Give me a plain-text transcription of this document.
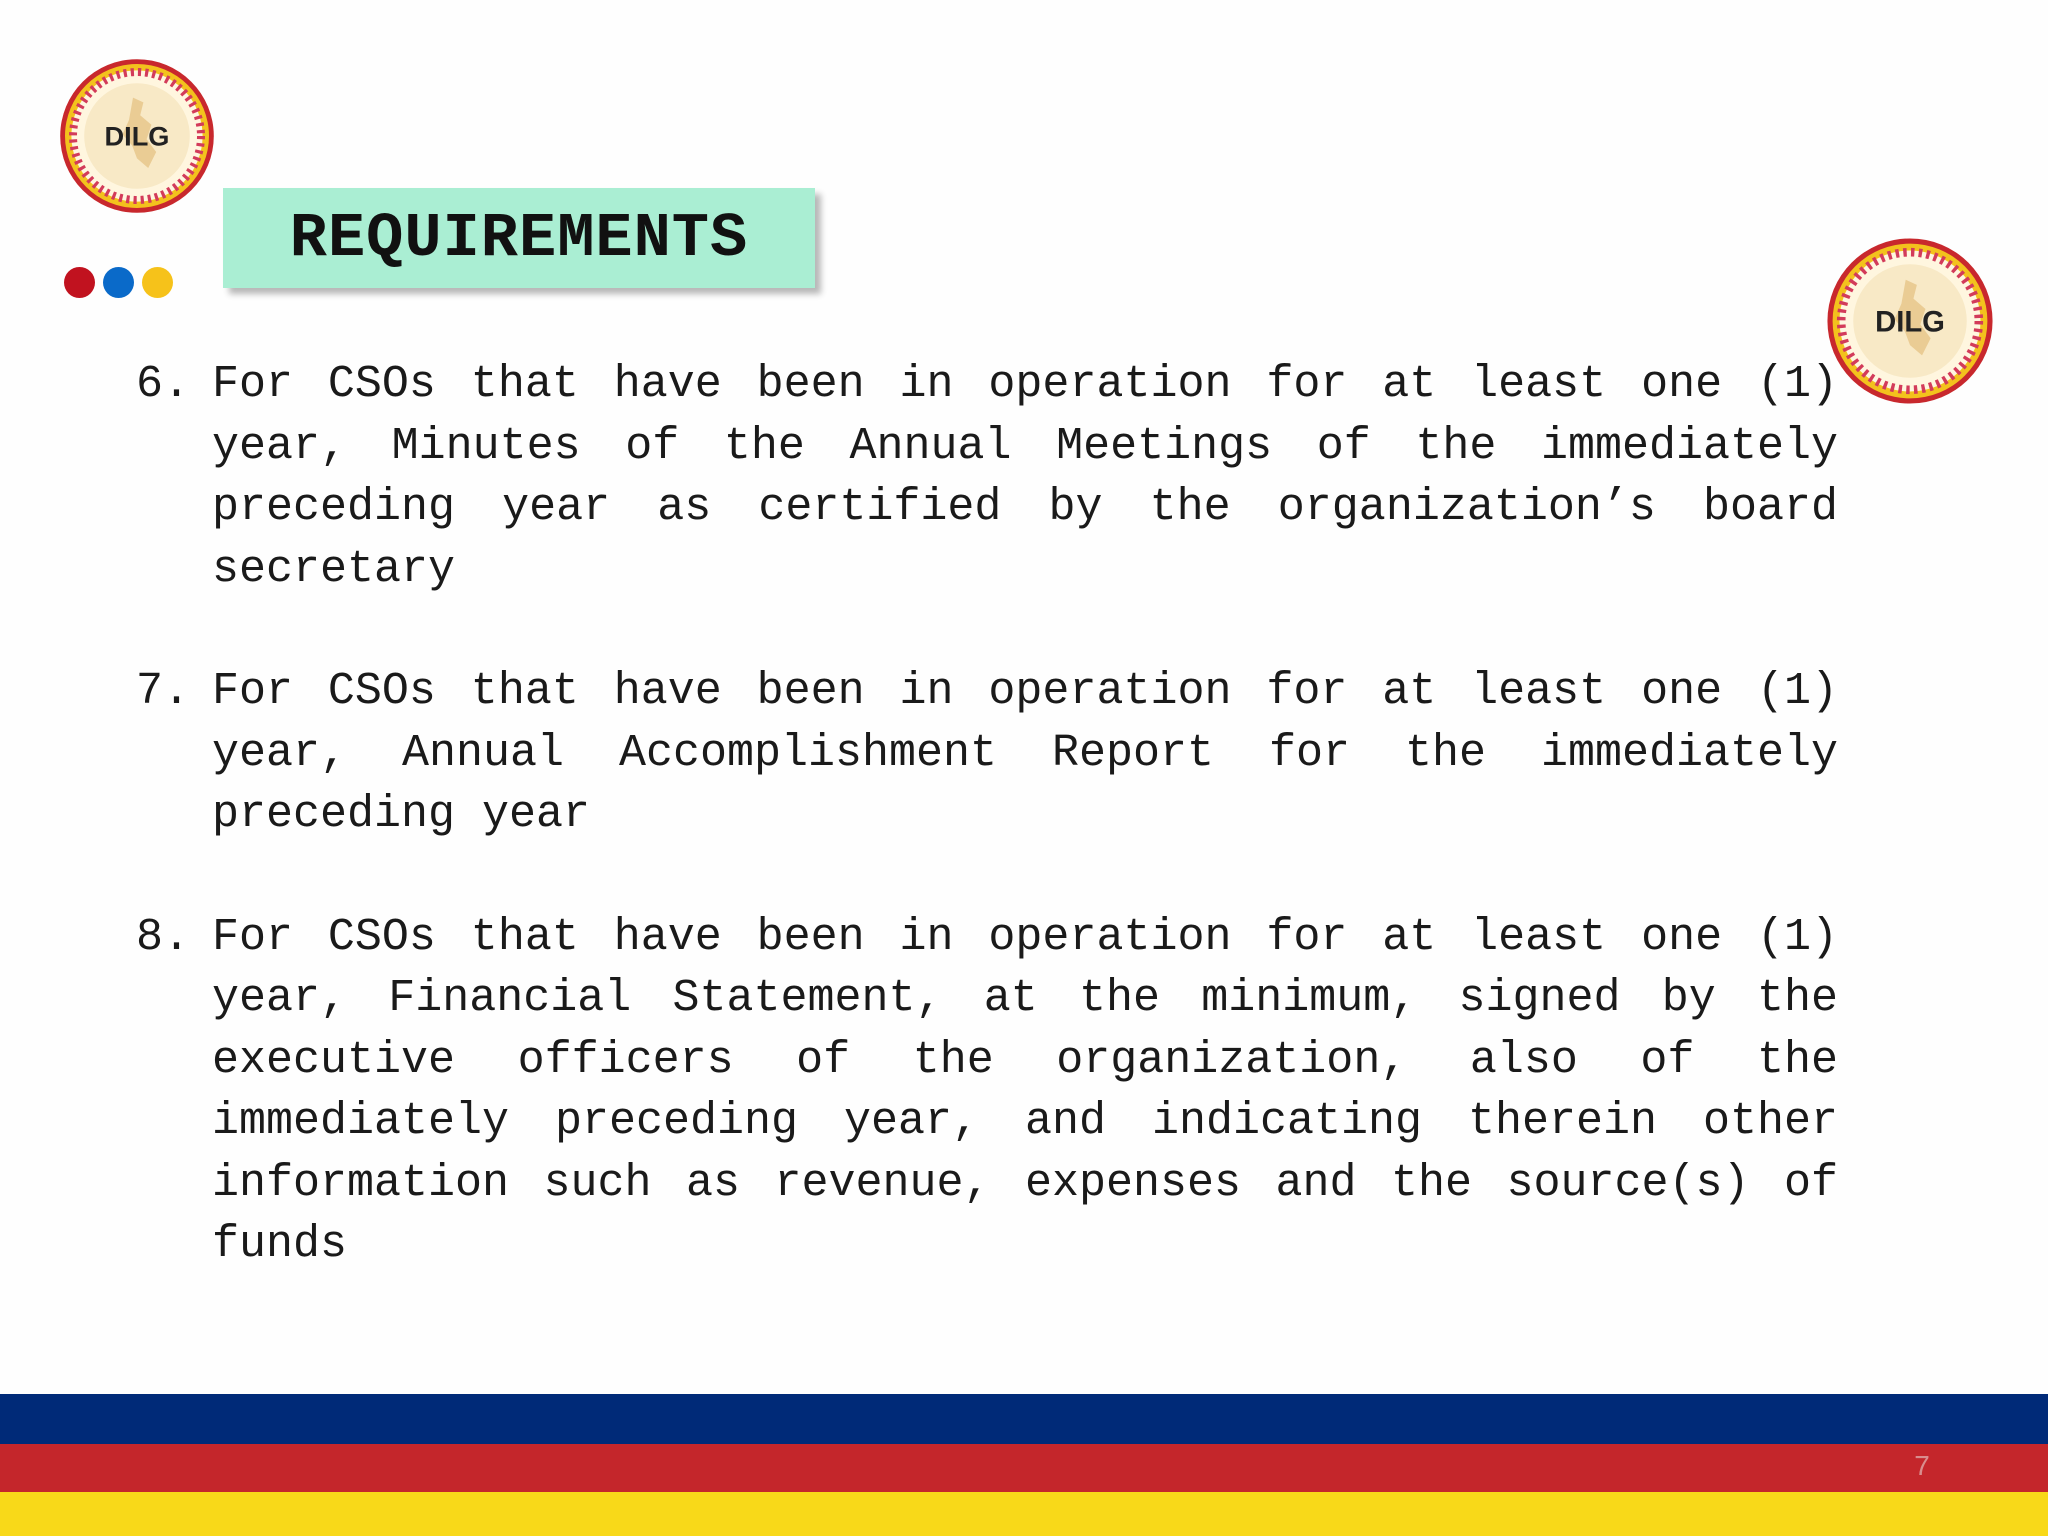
DILG
REQUIREMENTS
DILG
6. For CSOs that have been in operation for at least one (1) year, Minutes of the Annual Meetings of the immediately preceding year as certified by the organization’s board secretary

7. For CSOs that have been in operation for at least one (1) year, Annual Accomplishment Report for the immediately preceding year

8. For CSOs that have been in operation for at least one (1) year, Financial Statement, at the minimum, signed by the executive officers of the organization, also of the immediately preceding year, and indicating therein other information such as revenue, expenses and the source(s) of funds

7
